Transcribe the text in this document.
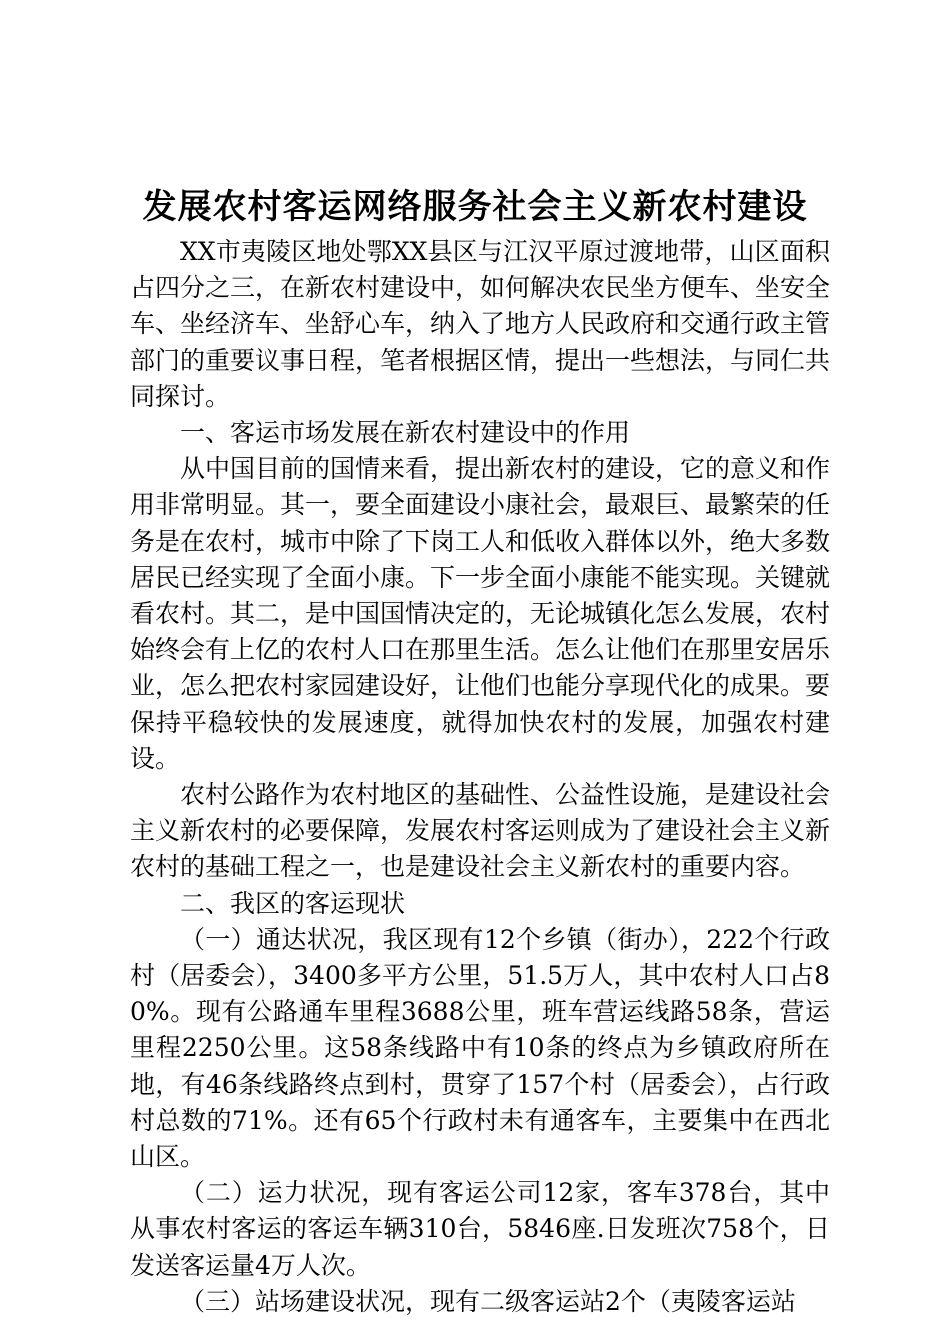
发展农村客运网络服务社会主义新农村建设

XX市夷陵区地处鄂XX县区与江汉平原过渡地带，山区面积占四分之三，在新农村建设中，如何解决农民坐方便车、坐安全车、坐经济车、坐舒心车，纳入了地方人民政府和交通行政主管部门的重要议事日程，笔者根据区情，提出一些想法，与同仁共同探讨。

一、客运市场发展在新农村建设中的作用

从中国目前的国情来看，提出新农村的建设，它的意义和作用非常明显。其一，要全面建设小康社会，最艰巨、最繁荣的任务是在农村，城市中除了下岗工人和低收入群体以外，绝大多数居民已经实现了全面小康。下一步全面小康能不能实现。关键就看农村。其二，是中国国情决定的，无论城镇化怎么发展，农村始终会有上亿的农村人口在那里生活。怎么让他们在那里安居乐业，怎么把农村家园建设好，让他们也能分享现代化的成果。要保持平稳较快的发展速度，就得加快农村的发展，加强农村建设。

农村公路作为农村地区的基础性、公益性设施，是建设社会主义新农村的必要保障，发展农村客运则成为了建设社会主义新农村的基础工程之一，也是建设社会主义新农村的重要内容。

二、我区的客运现状

（一）通达状况，我区现有12个乡镇（街办），222个行政村（居委会），3400多平方公里，51.5万人，其中农村人口占80%。现有公路通车里程3688公里，班车营运线路58条，营运里程2250公里。这58条线路中有10条的终点为乡镇政府所在地，有46条线路终点到村，贯穿了157个村（居委会），占行政村总数的71%。还有65个行政村未有通客车，主要集中在西北山区。

（二）运力状况，现有客运公司12家，客车378台，其中从事农村客运的客运车辆310台，5846座.日发班次758个，日发送客运量4万人次。

（三）站场建设状况，现有二级客运站2个（夷陵客运站
